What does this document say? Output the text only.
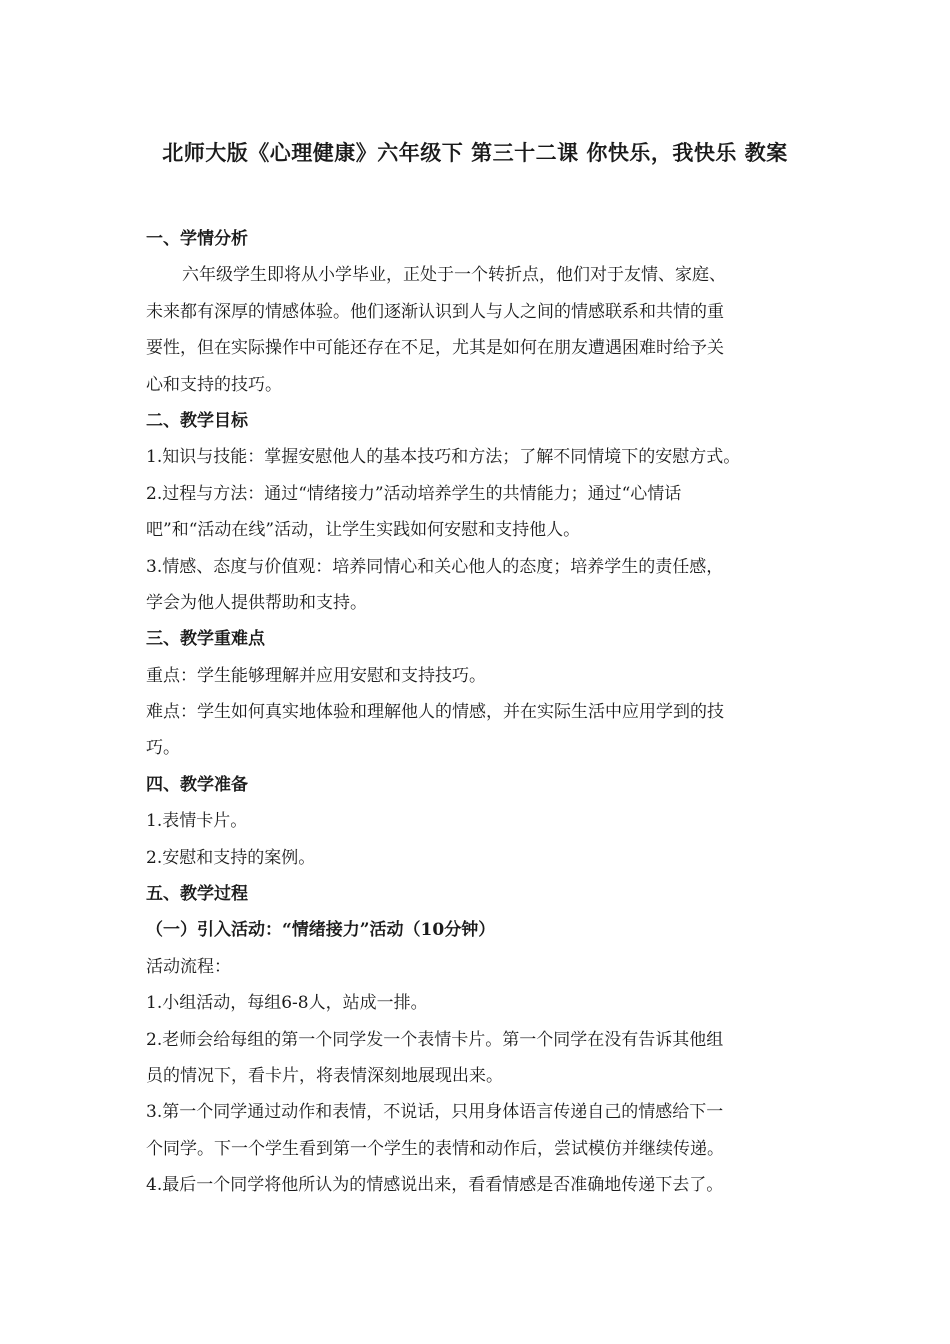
北师大版《心理健康》六年级下 第三十二课 你快乐，我快乐 教案
一、学情分析
六年级学生即将从小学毕业，正处于一个转折点，他们对于友情、家庭、
未来都有深厚的情感体验。他们逐渐认识到人与人之间的情感联系和共情的重
要性，但在实际操作中可能还存在不足，尤其是如何在朋友遭遇困难时给予关
心和支持的技巧。
二、教学目标
1.知识与技能：掌握安慰他人的基本技巧和方法；了解不同情境下的安慰方式。
2.过程与方法：通过“情绪接力”活动培养学生的共情能力；通过“心情话
吧”和“活动在线”活动，让学生实践如何安慰和支持他人。
3.情感、态度与价值观：培养同情心和关心他人的态度；培养学生的责任感，
学会为他人提供帮助和支持。
三、教学重难点
重点：学生能够理解并应用安慰和支持技巧。
难点：学生如何真实地体验和理解他人的情感，并在实际生活中应用学到的技
巧。
四、教学准备
1.表情卡片。
2.安慰和支持的案例。
五、教学过程
（一）引入活动：“情绪接力”活动（10分钟）
活动流程：
1.小组活动，每组6-8人，站成一排。
2.老师会给每组的第一个同学发一个表情卡片。第一个同学在没有告诉其他组
员的情况下，看卡片，将表情深刻地展现出来。
3.第一个同学通过动作和表情，不说话，只用身体语言传递自己的情感给下一
个同学。下一个学生看到第一个学生的表情和动作后，尝试模仿并继续传递。
4.最后一个同学将他所认为的情感说出来，看看情感是否准确地传递下去了。
